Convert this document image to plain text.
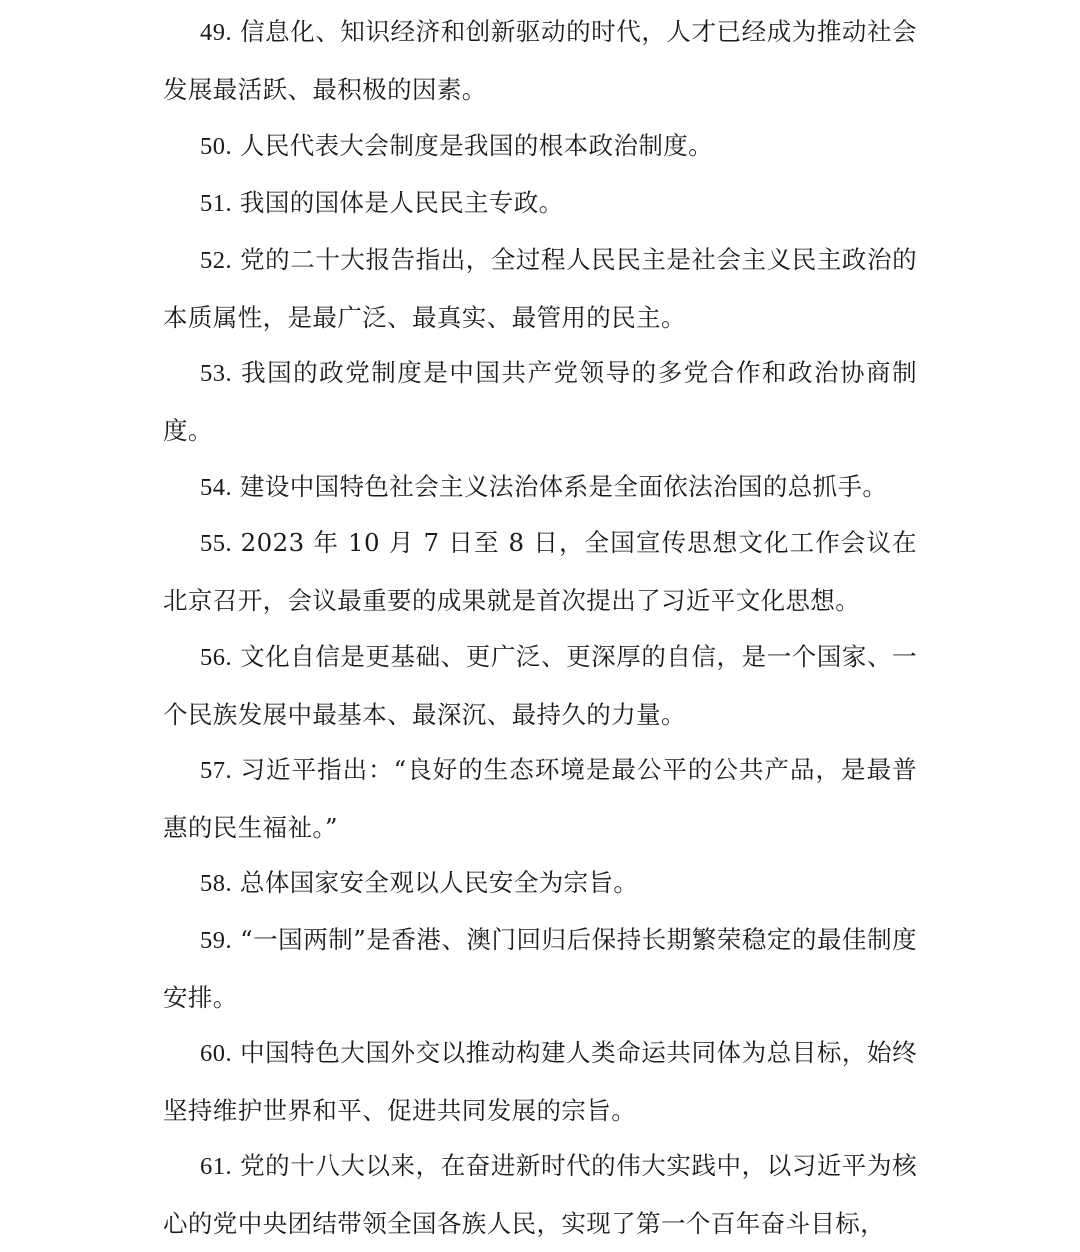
49. 信息化、知识经济和创新驱动的时代，人才已经成为推动社会发展最活跃、最积极的因素。

50. 人民代表大会制度是我国的根本政治制度。

51. 我国的国体是人民民主专政。

52. 党的二十大报告指出，全过程人民民主是社会主义民主政治的本质属性，是最广泛、最真实、最管用的民主。

53. 我国的政党制度是中国共产党领导的多党合作和政治协商制度。

54. 建设中国特色社会主义法治体系是全面依法治国的总抓手。

55. 2023 年 10 月 7 日至 8 日，全国宣传思想文化工作会议在北京召开，会议最重要的成果就是首次提出了习近平文化思想。

56. 文化自信是更基础、更广泛、更深厚的自信，是一个国家、一个民族发展中最基本、最深沉、最持久的力量。

57. 习近平指出：“良好的生态环境是最公平的公共产品，是最普惠的民生福祉。”

58. 总体国家安全观以人民安全为宗旨。

59. “一国两制”是香港、澳门回归后保持长期繁荣稳定的最佳制度安排。

60. 中国特色大国外交以推动构建人类命运共同体为总目标，始终坚持维护世界和平、促进共同发展的宗旨。

61. 党的十八大以来，在奋进新时代的伟大实践中，以习近平为核心的党中央团结带领全国各族人民，实现了第一个百年奋斗目标，
